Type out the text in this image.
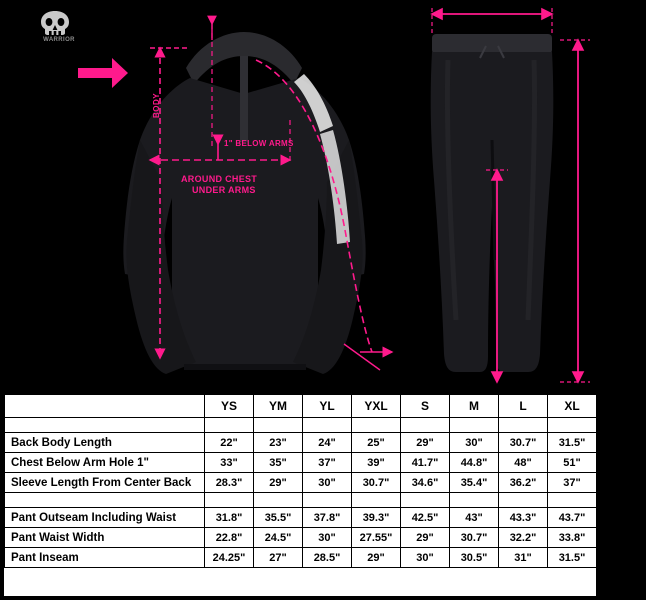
WARRIOR
BODY
1" BELOW ARMS
AROUND CHEST
UNDER ARMS
	YS	YM	YL	YXL	S	M	L	XL	2XL

Back Body Length	22"	23"	24"	25"	29"	30"	30.7"	31.5"	32.2"
Chest Below Arm Hole 1"	33"	35"	37"	39"	41.7"	44.8"	48"	51"	54.3"
Sleeve Length From Center Back	28.3"	29"	30"	30.7"	34.6"	35.4"	36.2"	37"	37.8"

Pant Outseam Including Waist	31.8"	35.5"	37.8"	39.3"	42.5"	43"	43.3"	43.7"	44"
Pant Waist Width	22.8"	24.5"	30"	27.55"	29"	30.7"	32.2"	33.8"	35.5"
Pant Inseam	24.25"	27"	28.5"	29"	30"	30.5"	31"	31.5"	32"
